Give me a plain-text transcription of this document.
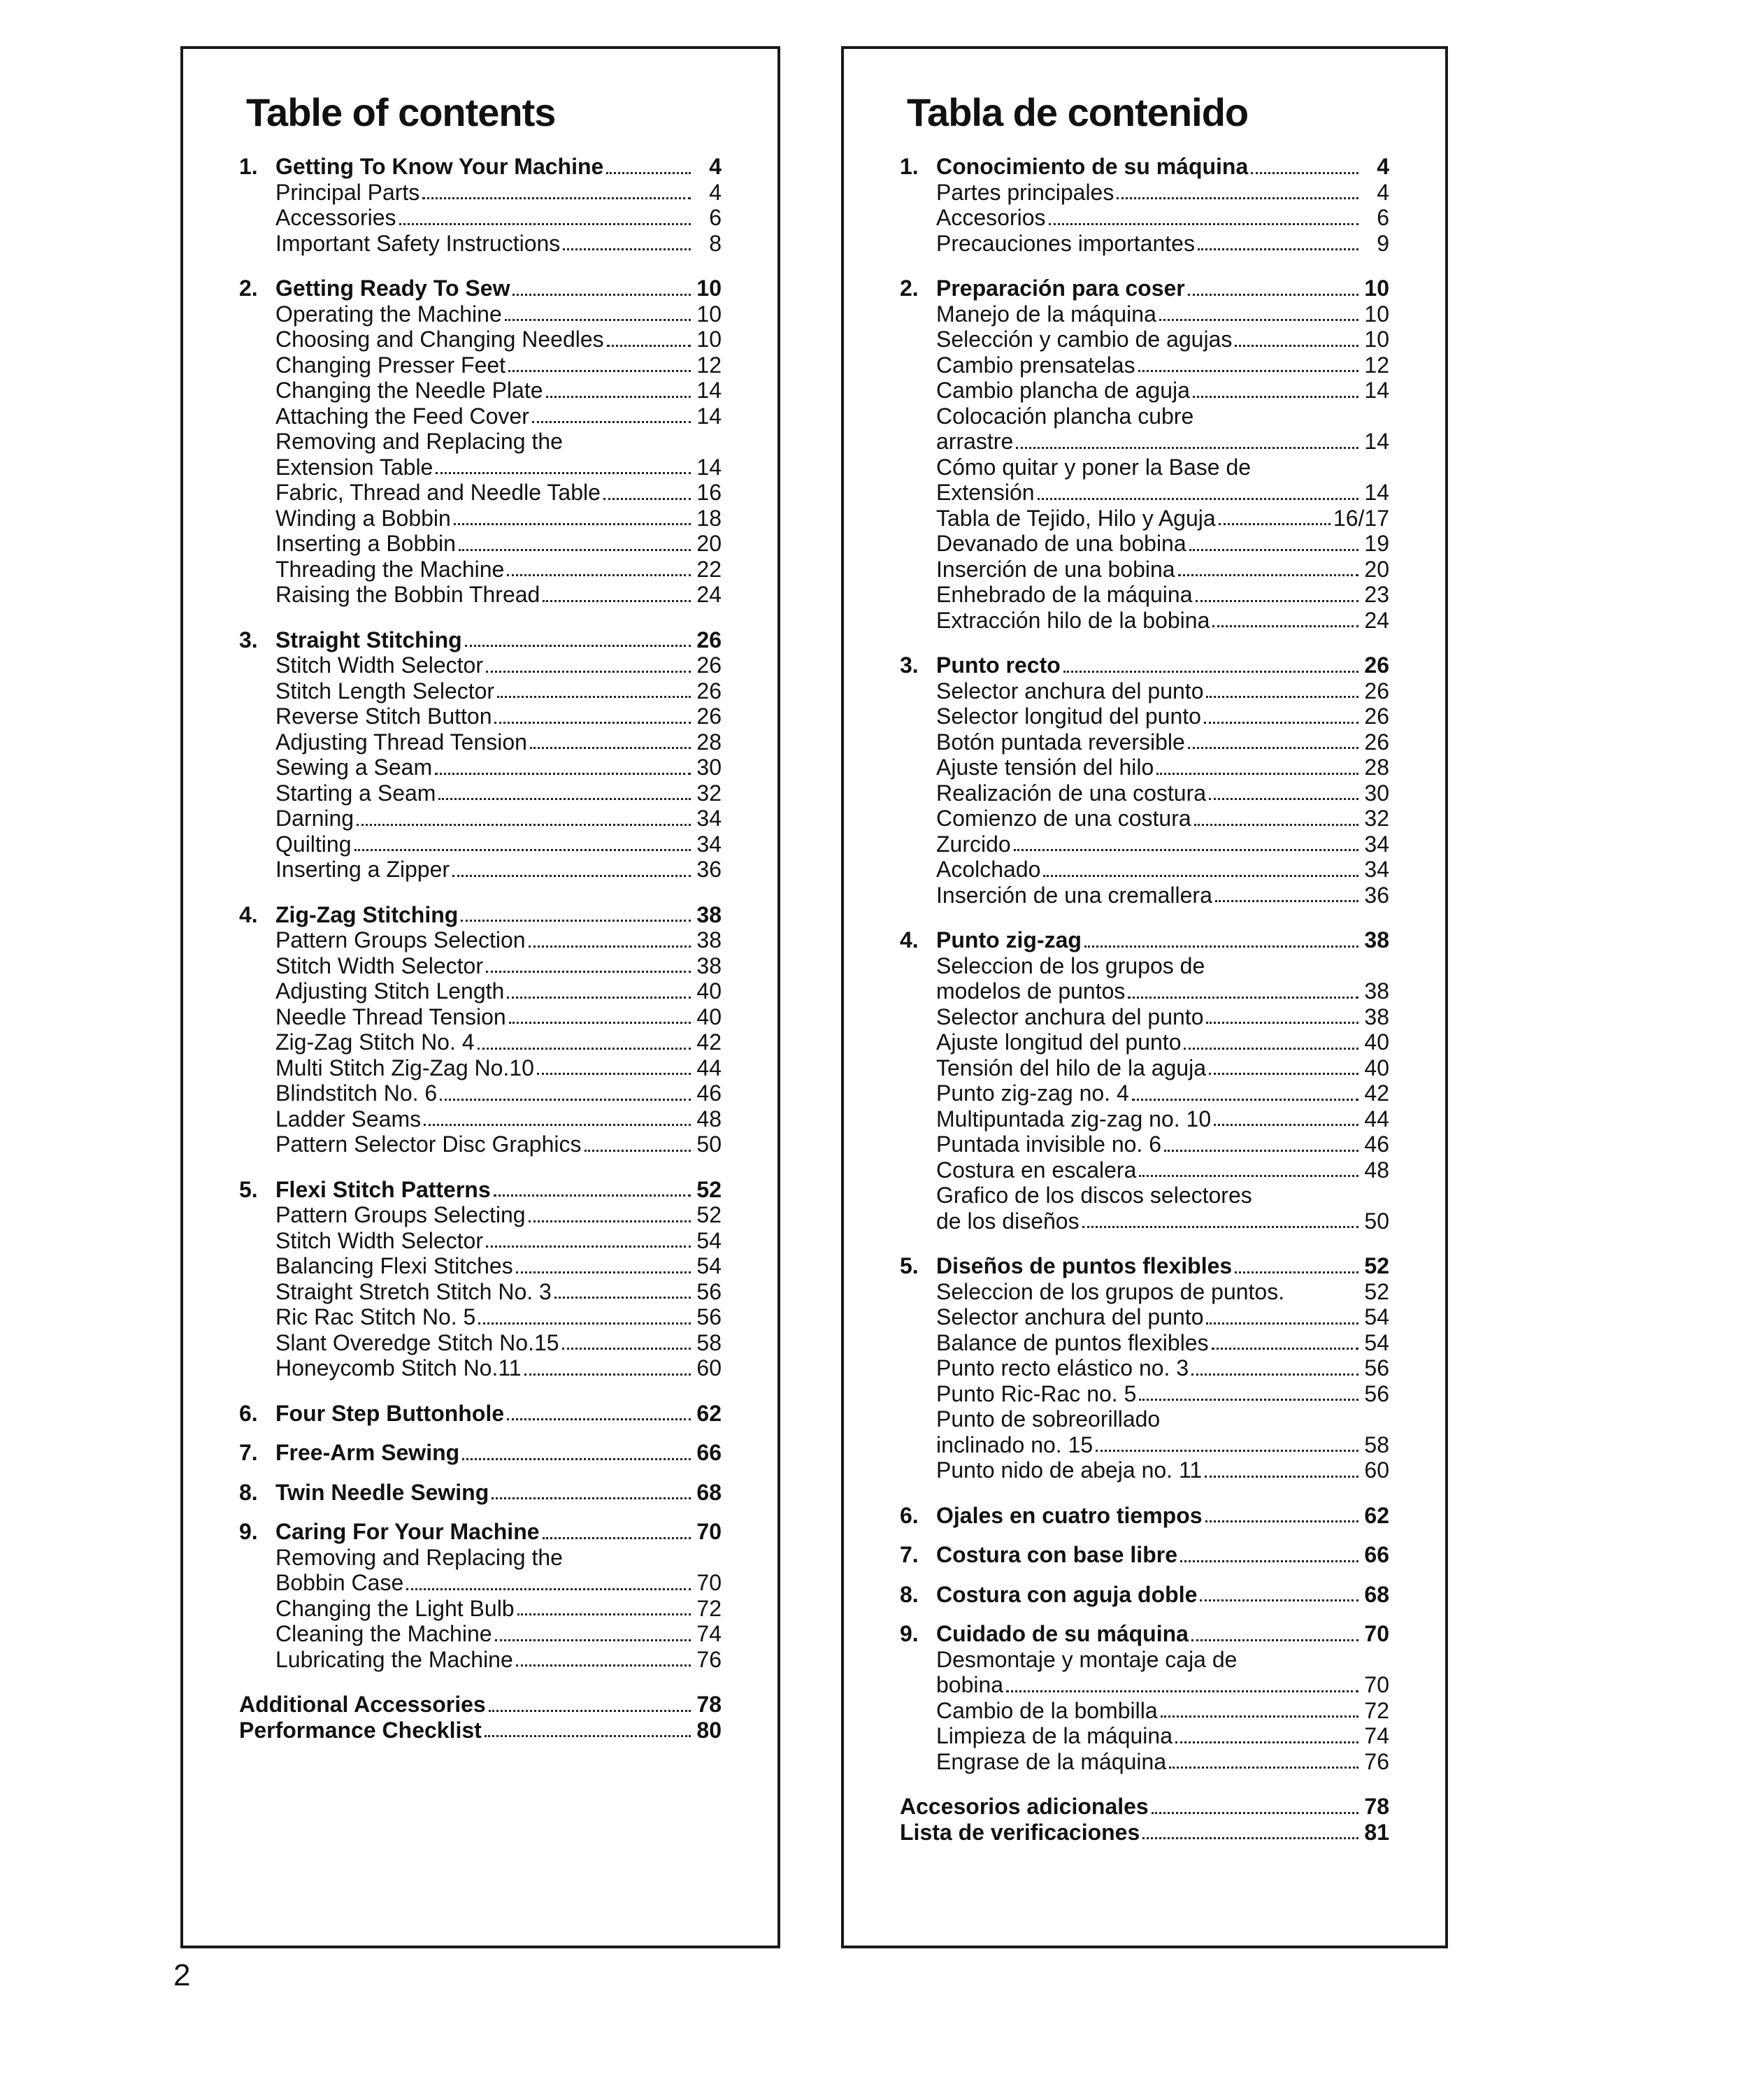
Table of contents
1. Getting To Know Your Machine	4
Principal Parts	4
Accessories	6
Important Safety Instructions	8
2. Getting Ready To Sew	10
Operating the Machine	10
Choosing and Changing Needles	10
Changing Presser Feet	12
Changing the Needle Plate	14
Attaching the Feed Cover	14
Removing and Replacing the
Extension Table	14
Fabric, Thread and Needle Table	16
Winding a Bobbin	18
Inserting a Bobbin	20
Threading the Machine	22
Raising the Bobbin Thread	24
3. Straight Stitching	26
Stitch Width Selector	26
Stitch Length Selector	26
Reverse Stitch Button	26
Adjusting Thread Tension	28
Sewing a Seam	30
Starting a Seam	32
Darning	34
Quilting	34
Inserting a Zipper	36
4. Zig-Zag Stitching	38
Pattern Groups Selection	38
Stitch Width Selector	38
Adjusting Stitch Length	40
Needle Thread Tension	40
Zig-Zag Stitch No. 4	42
Multi Stitch Zig-Zag No.10	44
Blindstitch No. 6	46
Ladder Seams	48
Pattern Selector Disc Graphics	50
5. Flexi Stitch Patterns	52
Pattern Groups Selecting	52
Stitch Width Selector	54
Balancing Flexi Stitches	54
Straight Stretch Stitch No. 3	56
Ric Rac Stitch No. 5	56
Slant Overedge Stitch No.15	58
Honeycomb Stitch No.11	60
6. Four Step Buttonhole	62
7. Free-Arm Sewing	66
8. Twin Needle Sewing	68
9. Caring For Your Machine	70
Removing and Replacing the
Bobbin Case	70
Changing the Light Bulb	72
Cleaning the Machine	74
Lubricating the Machine	76
Additional Accessories	78
Performance Checklist	80
Tabla de contenido
1. Conocimiento de su máquina	4
Partes principales	4
Accesorios	6
Precauciones importantes	9
2. Preparación para coser	10
Manejo de la máquina	10
Selección y cambio de agujas	10
Cambio prensatelas	12
Cambio plancha de aguja	14
Colocación plancha cubre
arrastre	14
Cómo quitar y poner la Base de
Extensión	14
Tabla de Tejido, Hilo y Aguja	16/17
Devanado de una bobina	19
Inserción de una bobina	20
Enhebrado de la máquina	23
Extracción hilo de la bobina	24
3. Punto recto	26
Selector anchura del punto	26
Selector longitud del punto	26
Botón puntada reversible	26
Ajuste tensión del hilo	28
Realización de una costura	30
Comienzo de una costura	32
Zurcido	34
Acolchado	34
Inserción de una cremallera	36
4. Punto zig-zag	38
Seleccion de los grupos de
modelos de puntos	38
Selector anchura del punto	38
Ajuste longitud del punto	40
Tensión del hilo de la aguja	40
Punto zig-zag no. 4	42
Multipuntada zig-zag no. 10	44
Puntada invisible no. 6	46
Costura en escalera	48
Grafico de los discos selectores
de los diseños	50
5. Diseños de puntos flexibles	52
Seleccion de los grupos de puntos.	52
Selector anchura del punto	54
Balance de puntos flexibles	54
Punto recto elástico no. 3	56
Punto Ric-Rac no. 5	56
Punto de sobreorillado
inclinado no. 15	58
Punto nido de abeja no. 11	60
6. Ojales en cuatro tiempos	62
7. Costura con base libre	66
8. Costura con aguja doble	68
9. Cuidado de su máquina	70
Desmontaje y montaje caja de
bobina	70
Cambio de la bombilla	72
Limpieza de la máquina	74
Engrase de la máquina	76
Accesorios adicionales	78
Lista de verificaciones	81
2
